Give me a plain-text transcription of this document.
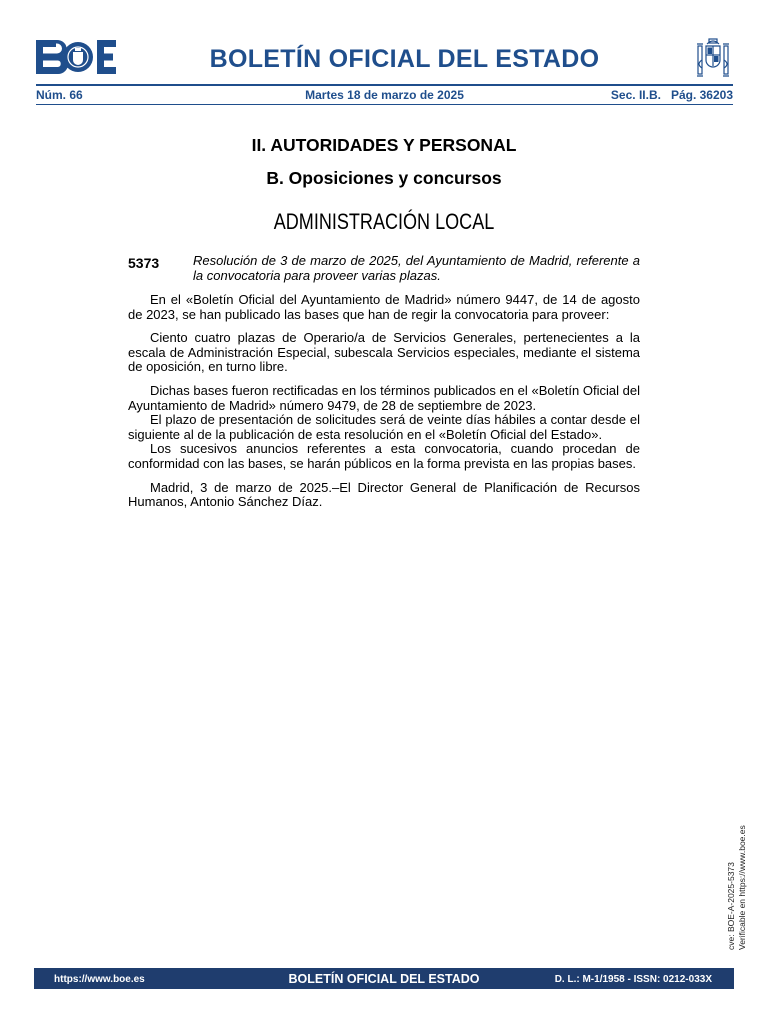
BOLETÍN OFICIAL DEL ESTADO
Núm. 66	Martes 18 de marzo de 2025	Sec. II.B.   Pág. 36203
II. AUTORIDADES Y PERSONAL
B. Oposiciones y concursos
ADMINISTRACIÓN LOCAL
5373	Resolución de 3 de marzo de 2025, del Ayuntamiento de Madrid, referente a la convocatoria para proveer varias plazas.

En el «Boletín Oficial del Ayuntamiento de Madrid» número 9447, de 14 de agosto de 2023, se han publicado las bases que han de regir la convocatoria para proveer:

Ciento cuatro plazas de Operario/a de Servicios Generales, pertenecientes a la escala de Administración Especial, subescala Servicios especiales, mediante el sistema de oposición, en turno libre.

Dichas bases fueron rectificadas en los términos publicados en el «Boletín Oficial del Ayuntamiento de Madrid» número 9479, de 28 de septiembre de 2023.

El plazo de presentación de solicitudes será de veinte días hábiles a contar desde el siguiente al de la publicación de esta resolución en el «Boletín Oficial del Estado».

Los sucesivos anuncios referentes a esta convocatoria, cuando procedan de conformidad con las bases, se harán públicos en la forma prevista en las propias bases.

Madrid, 3 de marzo de 2025.–El Director General de Planificación de Recursos Humanos, Antonio Sánchez Díaz.

cve: BOE-A-2025-5373 Verificable en https://www.boe.es
https://www.boe.es	BOLETÍN OFICIAL DEL ESTADO	D. L.: M-1/1958 - ISSN: 0212-033X
